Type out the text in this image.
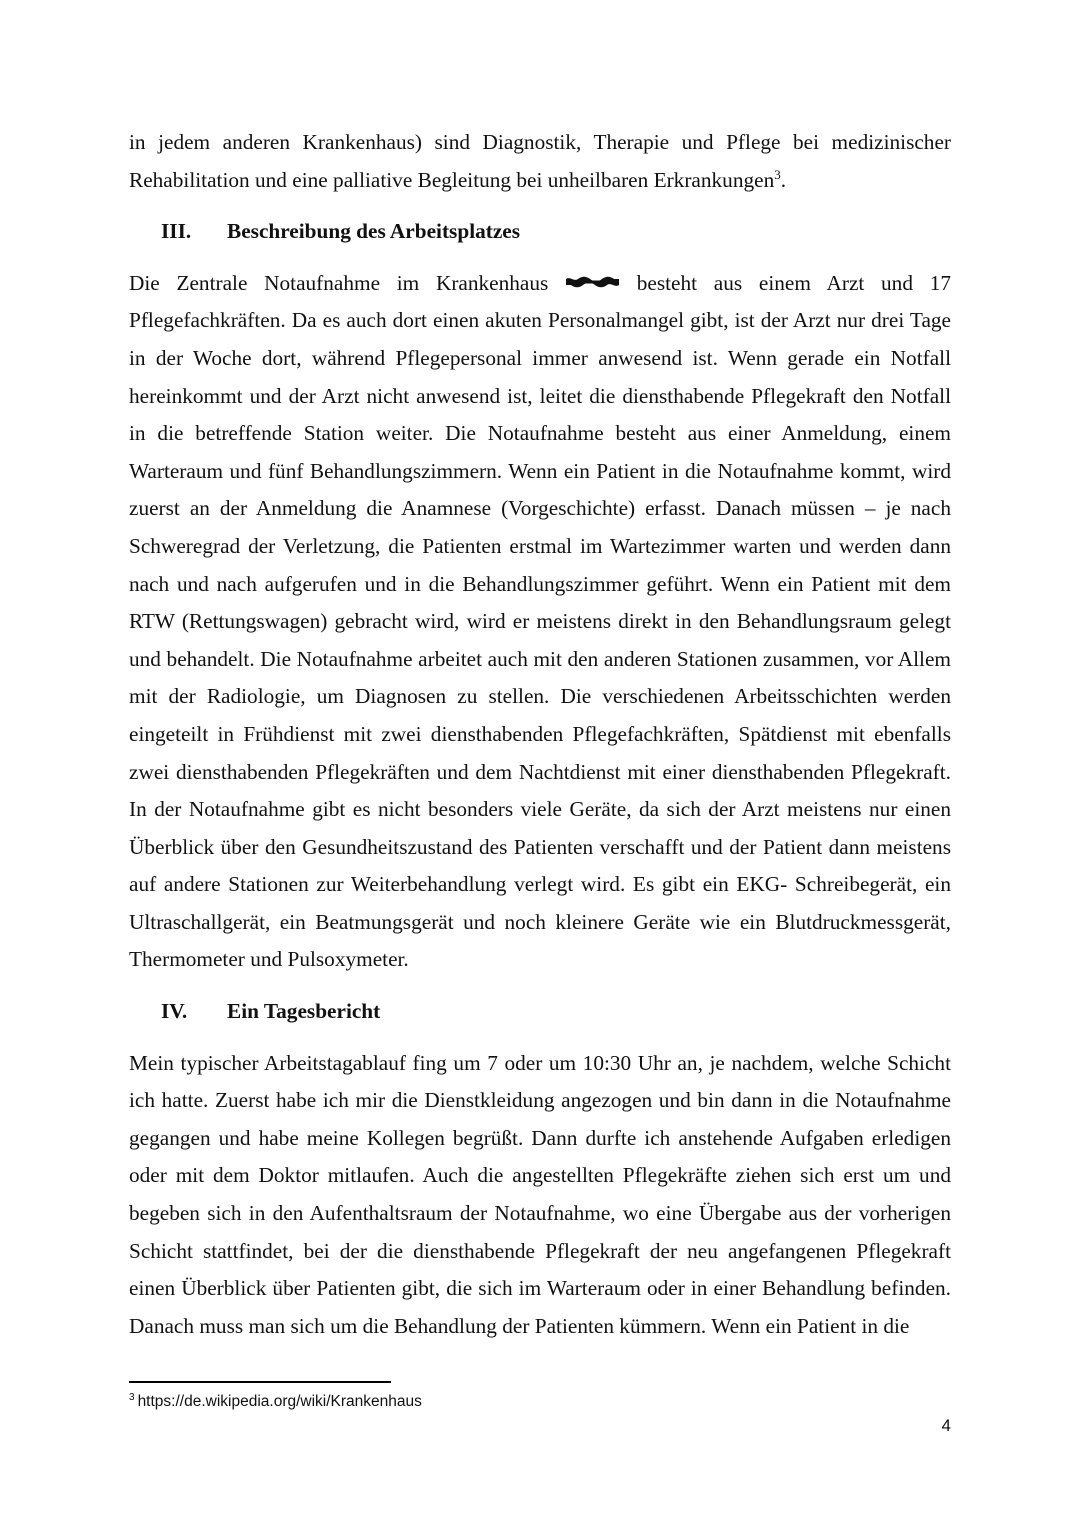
in jedem anderen Krankenhaus) sind Diagnostik, Therapie und Pflege bei medizinischer Rehabilitation und eine palliative Begleitung bei unheilbaren Erkrankungen$^3$.

III. Beschreibung des Arbeitsplatzes

Die Zentrale Notaufnahme im Krankenhaus	besteht aus einem Arzt und 17 Pflegefachkräften. Da es auch dort einen akuten Personalmangel gibt, ist der Arzt nur drei Tage in der Woche dort, während Pflegepersonal immer anwesend ist. Wenn gerade ein Notfall hereinkommt und der Arzt nicht anwesend ist, leitet die diensthabende Pflegekraft den Notfall in die betreffende Station weiter. Die Notaufnahme besteht aus einer Anmeldung, einem Warteraum und fünf Behandlungszimmern. Wenn ein Patient in die Notaufnahme kommt, wird zuerst an der Anmeldung die Anamnese (Vorgeschichte) erfasst. Danach müssen – je nach Schweregrad der Verletzung, die Patienten erstmal im Wartezimmer warten und werden dann nach und nach aufgerufen und in die Behandlungszimmer geführt. Wenn ein Patient mit dem RTW (Rettungswagen) gebracht wird, wird er meistens direkt in den Behandlungsraum gelegt und behandelt. Die Notaufnahme arbeitet auch mit den anderen Stationen zusammen, vor Allem mit der Radiologie, um Diagnosen zu stellen. Die verschiedenen Arbeitsschichten werden eingeteilt in Frühdienst mit zwei diensthabenden Pflegefachkräften, Spätdienst mit ebenfalls zwei diensthabenden Pflegekräften und dem Nachtdienst mit einer diensthabenden Pflegekraft. In der Notaufnahme gibt es nicht besonders viele Geräte, da sich der Arzt meistens nur einen Überblick über den Gesundheitszustand des Patienten verschafft und der Patient dann meistens auf andere Stationen zur Weiterbehandlung verlegt wird. Es gibt ein EKG- Schreibegerät, ein Ultraschallgerät, ein Beatmungsgerät und noch kleinere Geräte wie ein Blutdruckmessgerät, Thermometer und Pulsoxymeter.

IV. Ein Tagesbericht

Mein typischer Arbeitstagablauf fing um 7 oder um 10:30 Uhr an, je nachdem, welche Schicht ich hatte. Zuerst habe ich mir die Dienstkleidung angezogen und bin dann in die Notaufnahme gegangen und habe meine Kollegen begrüßt. Dann durfte ich anstehende Aufgaben erledigen oder mit dem Doktor mitlaufen. Auch die angestellten Pflegekräfte ziehen sich erst um und begeben sich in den Aufenthaltsraum der Notaufnahme, wo eine Übergabe aus der vorherigen Schicht stattfindet, bei der die diensthabende Pflegekraft der neu angefangenen Pflegekraft einen Überblick über Patienten gibt, die sich im Warteraum oder in einer Behandlung befinden. Danach muss man sich um die Behandlung der Patienten kümmern. Wenn ein Patient in die

$^3$ https://de.wikipedia.org/wiki/Krankenhaus
4
